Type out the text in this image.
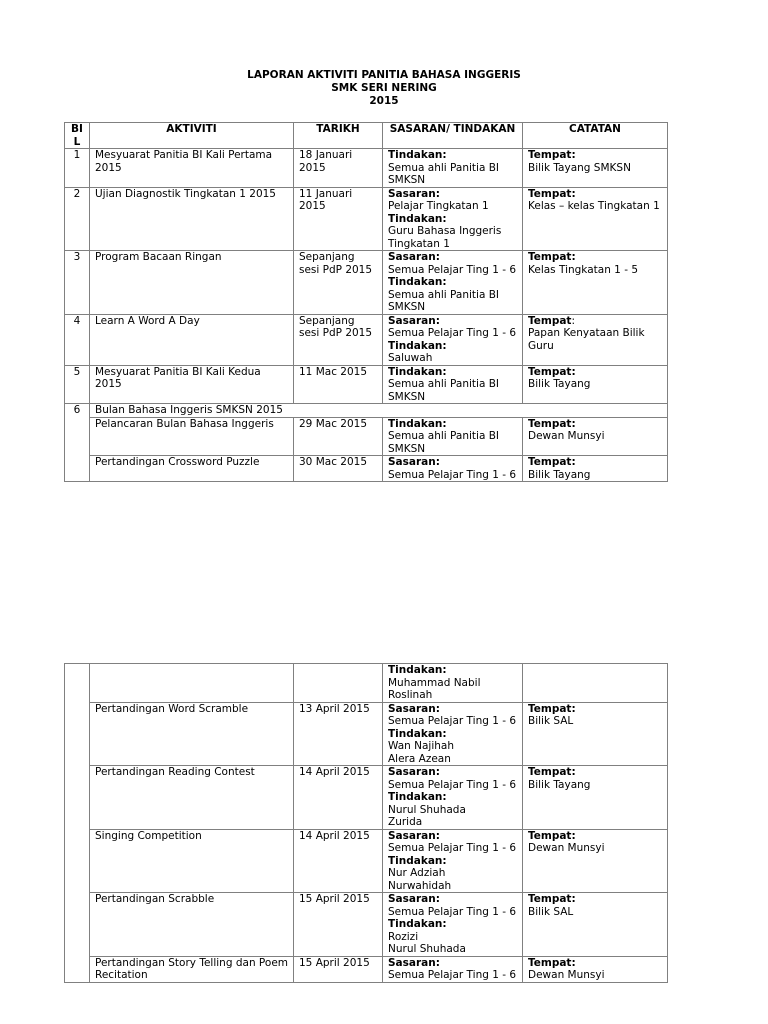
LAPORAN AKTIVITI PANITIA BAHASA INGGERIS
SMK SERI NERING
2015
BI
L	AKTIVITI	TARIKH	SASARAN/ TINDAKAN	CATATAN
1	Mesyuarat Panitia BI Kali Pertama 2015	18 Januari 2015	Tindakan:
Semua ahli Panitia BI SMKSN	Tempat:
Bilik Tayang SMKSN

2	Ujian Diagnostik Tingkatan 1 2015	11 Januari 2015	Sasaran:
Pelajar Tingkatan 1
Tindakan:
Guru Bahasa Inggeris Tingkatan 1	Tempat:
Kelas – kelas Tingkatan 1

3	Program Bacaan Ringan	Sepanjang sesi PdP 2015	Sasaran:
Semua Pelajar Ting 1 - 6
Tindakan:
Semua ahli Panitia BI SMKSN	Tempat:
Kelas Tingkatan 1 - 5

4	Learn A Word A Day	Sepanjang sesi PdP 2015	Sasaran:
Semua Pelajar Ting 1 - 6
Tindakan:
Saluwah	Tempat:
Papan Kenyataan Bilik Guru

5	Mesyuarat Panitia BI Kali Kedua 2015	11 Mac 2015	Tindakan:
Semua ahli Panitia BI SMKSN	Tempat:
Bilik Tayang

6	Bulan Bahasa Inggeris SMKSN 2015			
	Pelancaran Bulan Bahasa Inggeris	29 Mac 2015	Tindakan:
Semua ahli Panitia BI SMKSN	Tempat:
Dewan Munsyi

	Pertandingan Crossword Puzzle	30 Mac 2015	Sasaran:
Semua Pelajar Ting 1 - 6	Tempat:
Bilik Tayang

			Tindakan:
Muhammad Nabil
Roslinah	

	Pertandingan Word Scramble	13 April 2015	Sasaran:
Semua Pelajar Ting 1 - 6
Tindakan:
Wan Najihah
Alera Azean	Tempat:
Bilik SAL

	Pertandingan Reading Contest	14 April 2015	Sasaran:
Semua Pelajar Ting 1 - 6
Tindakan:
Nurul Shuhada
Zurida	Tempat:
Bilik Tayang

	Singing Competition	14 April 2015	Sasaran:
Semua Pelajar Ting 1 - 6
Tindakan:
Nur Adziah
Nurwahidah	Tempat:
Dewan Munsyi

	Pertandingan Scrabble	15 April 2015	Sasaran:
Semua Pelajar Ting 1 - 6
Tindakan:
Rozizi
Nurul Shuhada	Tempat:
Bilik SAL

	Pertandingan Story Telling dan Poem Recitation	15 April 2015	Sasaran:
Semua Pelajar Ting 1 - 6	Tempat:
Dewan Munsyi
